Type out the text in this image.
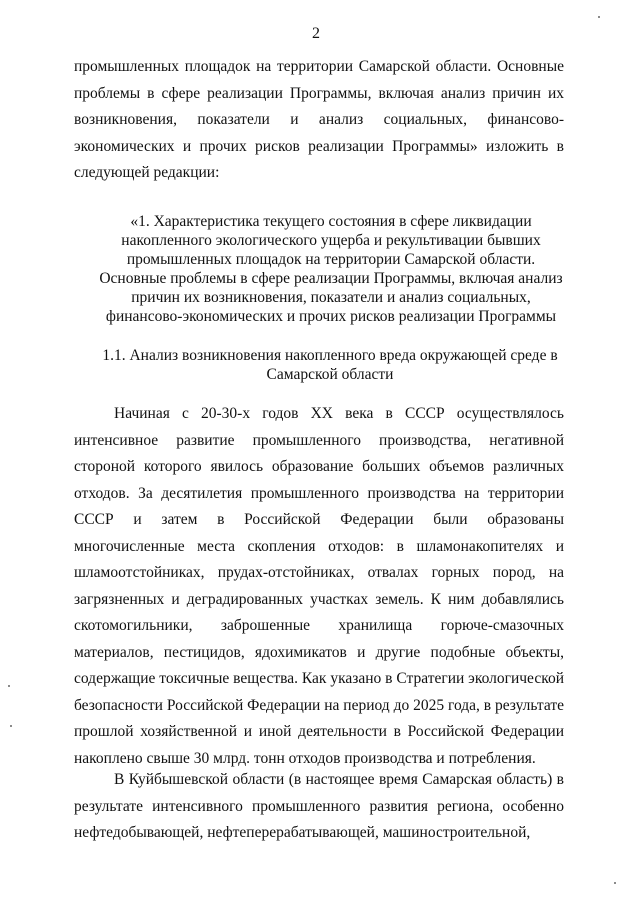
2

промышленных площадок на территории Самарской области. Основные проблемы в сфере реализации Программы, включая анализ причин их возникновения, показатели и анализ социальных, финансово-экономических и прочих рисков реализации Программы» изложить в следующей редакции:

«1. Характеристика текущего состояния в сфере ликвидации накопленного экологического ущерба и рекультивации бывших промышленных площадок на территории Самарской области. Основные проблемы в сфере реализации Программы, включая анализ причин их возникновения, показатели и анализ социальных, финансово-экономических и прочих рисков реализации Программы

1.1. Анализ возникновения накопленного вреда окружающей среде в Самарской области

Начиная с 20-30-х годов XX века в СССР осуществлялось интенсивное развитие промышленного производства, негативной стороной которого явилось образование больших объемов различных отходов. За десятилетия промышленного производства на территории СССР и затем в Российской Федерации были образованы многочисленные места скопления отходов: в шламонакопителях и шламоотстойниках, прудах-отстойниках, отвалах горных пород, на загрязненных и деградированных участках земель. К ним добавлялись скотомогильники, заброшенные хранилища горюче-смазочных материалов, пестицидов, ядохимикатов и другие подобные объекты, содержащие токсичные вещества. Как указано в Стратегии экологической безопасности Российской Федерации на период до 2025 года, в результате прошлой хозяйственной и иной деятельности в Российской Федерации накоплено свыше 30 млрд. тонн отходов производства и потребления.

В Куйбышевской области (в настоящее время Самарская область) в результате интенсивного промышленного развития региона, особенно нефтедобывающей, нефтеперерабатывающей, машиностроительной,
